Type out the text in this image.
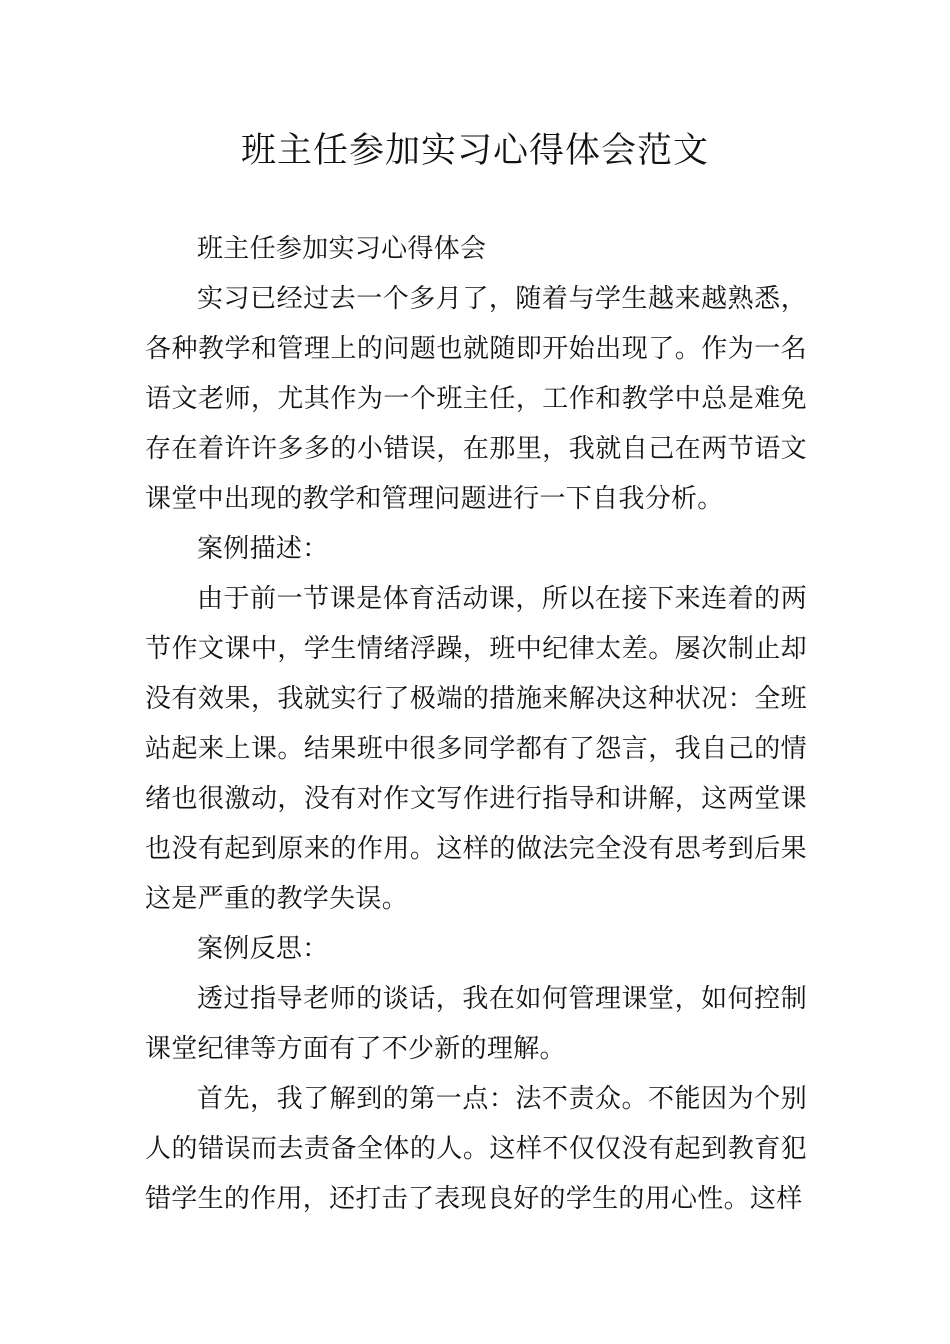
班主任参加实习心得体会范文

班主任参加实习心得体会

实习已经过去一个多月了，随着与学生越来越熟悉，各种教学和管理上的问题也就随即开始出现了。作为一名语文老师，尤其作为一个班主任，工作和教学中总是难免存在着许许多多的小错误，在那里，我就自己在两节语文课堂中出现的教学和管理问题进行一下自我分析。

案例描述：

由于前一节课是体育活动课，所以在接下来连着的两节作文课中，学生情绪浮躁，班中纪律太差。屡次制止却没有效果，我就实行了极端的措施来解决这种状况：全班站起来上课。结果班中很多同学都有了怨言，我自己的情绪也很激动，没有对作文写作进行指导和讲解，这两堂课也没有起到原来的作用。这样的做法完全没有思考到后果这是严重的教学失误。

案例反思：

透过指导老师的谈话，我在如何管理课堂，如何控制课堂纪律等方面有了不少新的理解。

首先，我了解到的第一点：法不责众。不能因为个别人的错误而去责备全体的人。这样不仅仅没有起到教育犯错学生的作用，还打击了表现良好的学生的用心性。这样
